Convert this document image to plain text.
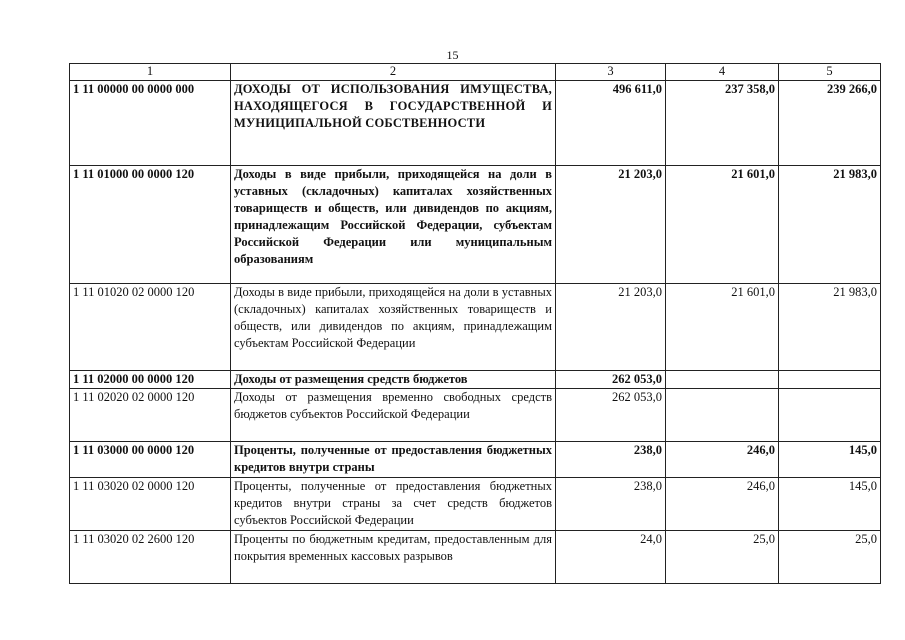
15
1	2	3	4	5
1 11 00000 00 0000 000	ДОХОДЫ ОТ ИСПОЛЬЗОВАНИЯ ИМУЩЕСТВА, НАХОДЯЩЕГОСЯ В ГОСУДАРСТВЕННОЙ И МУНИЦИПАЛЬНОЙ СОБСТВЕННОСТИ	496 611,0	237 358,0	239 266,0
1 11 01000 00 0000 120	Доходы в виде прибыли, приходящейся на доли в уставных (складочных) капиталах хозяйственных товариществ и обществ, или дивидендов по акциям, принадлежащим Российской Федерации, субъектам Российской Федерации или муниципальным образованиям	21 203,0	21 601,0	21 983,0
1 11 01020 02 0000 120	Доходы в виде прибыли, приходящейся на доли в уставных (складочных) капиталах хозяйственных товариществ и обществ, или дивидендов по акциям, принадлежащим субъектам Российской Федерации	21 203,0	21 601,0	21 983,0
1 11 02000 00 0000 120	Доходы от размещения средств бюджетов	262 053,0		
1 11 02020 02 0000 120	Доходы от размещения временно свободных средств бюджетов субъектов Российской Федерации	262 053,0		
1 11 03000 00 0000 120	Проценты, полученные от предоставления бюджетных кредитов внутри страны	238,0	246,0	145,0
1 11 03020 02 0000 120	Проценты, полученные от предоставления бюджетных кредитов внутри страны за счет средств бюджетов субъектов Российской Федерации	238,0	246,0	145,0
1 11 03020 02 2600 120	Проценты по бюджетным кредитам, предоставленным для покрытия временных кассовых разрывов	24,0	25,0	25,0
